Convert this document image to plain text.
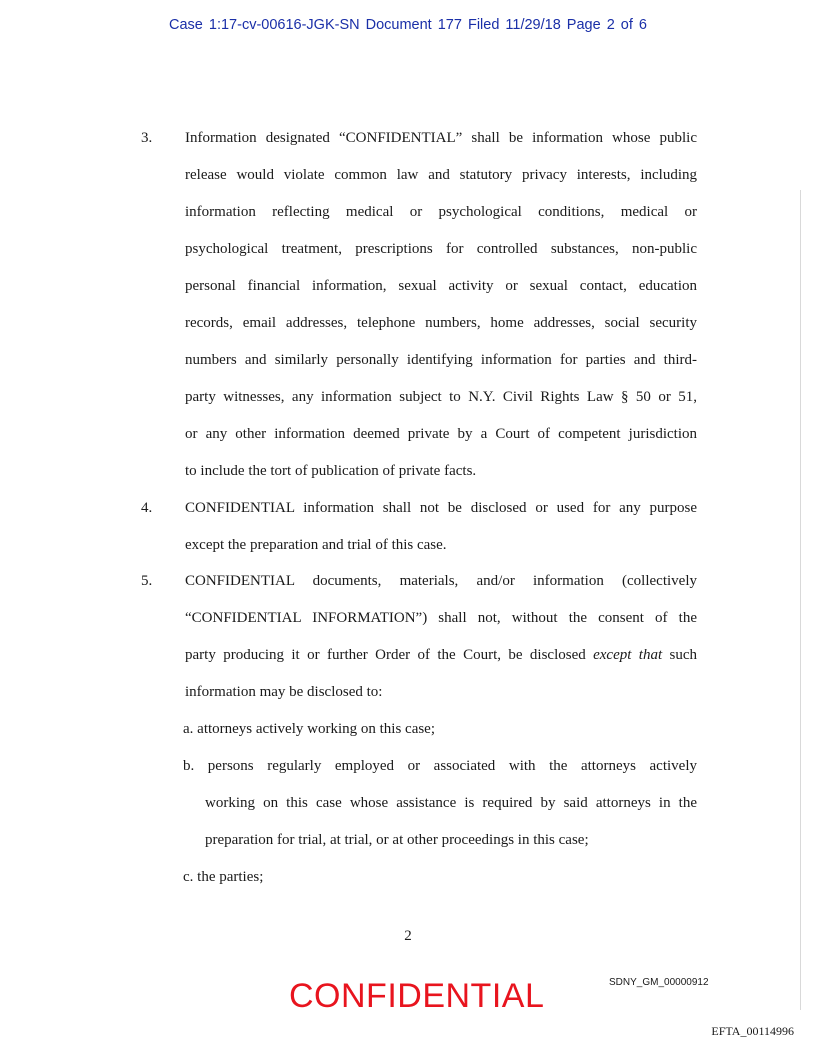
Case 1:17-cv-00616-JGK-SN Document 177 Filed 11/29/18 Page 2 of 6
3. Information designated “CONFIDENTIAL” shall be information whose public
release would violate common law and statutory privacy interests, including
information reflecting medical or psychological conditions, medical or
psychological treatment, prescriptions for controlled substances, non-public
personal financial information, sexual activity or sexual contact, education
records, email addresses, telephone numbers, home addresses, social security
numbers and similarly personally identifying information for parties and third-
party witnesses, any information subject to N.Y. Civil Rights Law § 50 or 51,
or any other information deemed private by a Court of competent jurisdiction
to include the tort of publication of private facts.
4. CONFIDENTIAL information shall not be disclosed or used for any purpose
except the preparation and trial of this case.
5. CONFIDENTIAL documents, materials, and/or information (collectively
“CONFIDENTIAL INFORMATION”) shall not, without the consent of the
party producing it or further Order of the Court, be disclosed except that such
information may be disclosed to:
a. attorneys actively working on this case;
b. persons regularly employed or associated with the attorneys actively
working on this case whose assistance is required by said attorneys in the
preparation for trial, at trial, or at other proceedings in this case;
c. the parties;
2
CONFIDENTIAL	SDNY_GM_00000912
EFTA_00114996
